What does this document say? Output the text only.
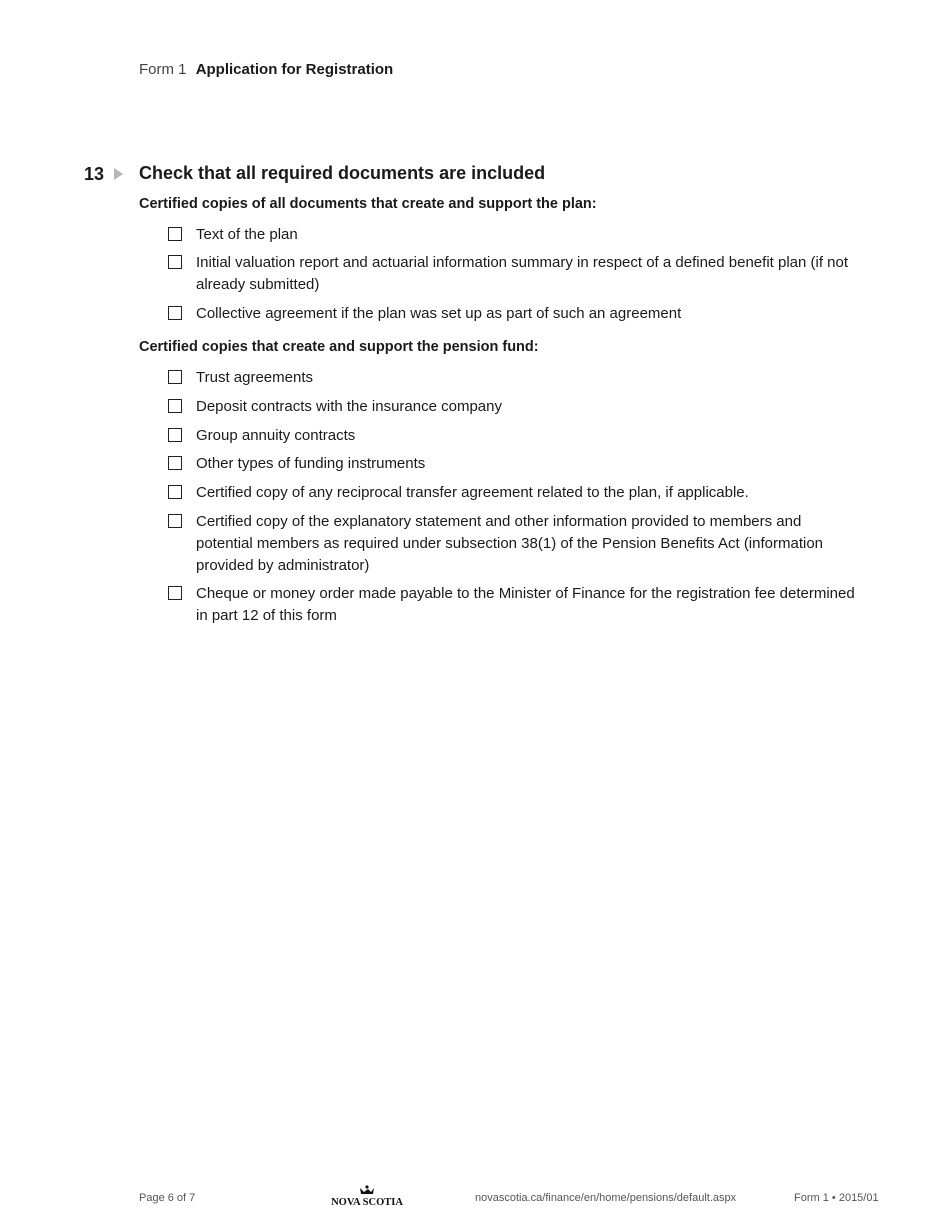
Form 1 Application for Registration
13 Check that all required documents are included
Certified copies of all documents that create and support the plan:
Text of the plan
Initial valuation report and actuarial information summary in respect of a defined benefit plan (if not already submitted)
Collective agreement if the plan was set up as part of such an agreement
Certified copies that create and support the pension fund:
Trust agreements
Deposit contracts with the insurance company
Group annuity contracts
Other types of funding instruments
Certified copy of any reciprocal transfer agreement related to the plan, if applicable.
Certified copy of the explanatory statement and other information provided to members and potential members as required under subsection 38(1) of the Pension Benefits Act (information provided by administrator)
Cheque or money order made payable to the Minister of Finance for the registration fee determined in part 12 of this form
Page 6 of 7	NOVA SCOTIA	novascotia.ca/finance/en/home/pensions/default.aspx	Form 1 • 2015/01
